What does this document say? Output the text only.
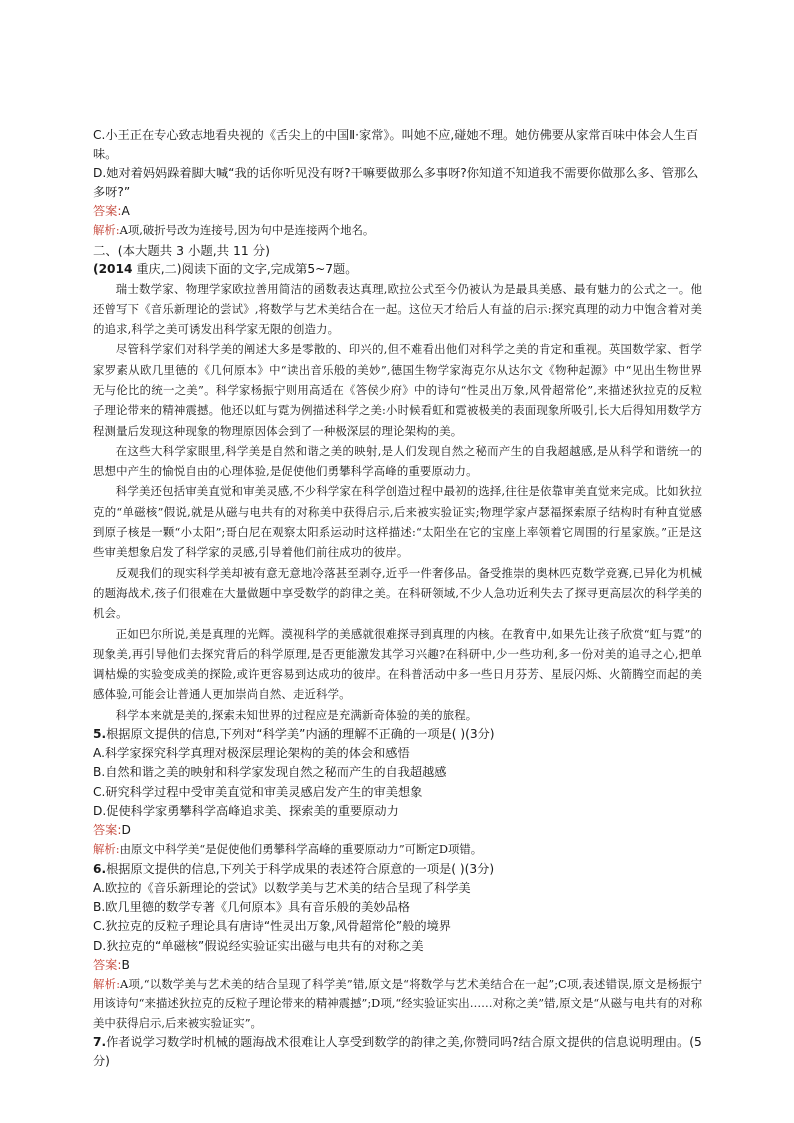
C.小王正在专心致志地看央视的《舌尖上的中国Ⅱ·家常》。叫她不应,碰她不理。她仿佛要从家常百味中体会人生百味。

D.她对着妈妈跺着脚大喊“我的话你听见没有呀?干嘛要做那么多事呀?你知道不知道我不需要你做那么多、管那么多呀?”

答案:A

解析:A项,破折号改为连接号,因为句中是连接两个地名。

二、(本大题共 3 小题,共 11 分)

(2014 重庆,二)阅读下面的文字,完成第5~7题。

瑞士数学家、物理学家欧拉善用简洁的函数表达真理,欧拉公式至今仍被认为是最具美感、最有魅力的公式之一。他还曾写下《音乐新理论的尝试》,将数学与艺术美结合在一起。这位天才给后人有益的启示:探究真理的动力中饱含着对美的追求,科学之美可诱发出科学家无限的创造力。

尽管科学家们对科学美的阐述大多是零散的、印兴的,但不难看出他们对科学之美的肯定和重视。英国数学家、哲学家罗素从欧几里德的《几何原本》中“读出音乐般的美妙”,德国生物学家海克尔从达尔文《物种起源》中“见出生物世界无与伦比的统一之美”。科学家杨振宁则用高适在《答侯少府》中的诗句“性灵出万象,风骨超常伦”,来描述狄拉克的反粒子理论带来的精神震撼。他还以虹与霓为例描述科学之美:小时候看虹和霓被极美的表面现象所吸引,长大后得知用数学方程测量后发现这种现象的物理原因体会到了一种极深层的理论架构的美。

在这些大科学家眼里,科学美是自然和谐之美的映射,是人们发现自然之秘而产生的自我超越感,是从科学和谐统一的思想中产生的愉悦自由的心理体验,是促使他们勇攀科学高峰的重要原动力。

科学美还包括审美直觉和审美灵感,不少科学家在科学创造过程中最初的选择,往往是依靠审美直觉来完成。比如狄拉克的“单磁核”假说,就是从磁与电共有的对称美中获得启示,后来被实验证实;物理学家卢瑟福探索原子结构时有种直觉感到原子核是一颗“小太阳”;哥白尼在观察太阳系运动时这样描述:“太阳坐在它的宝座上率领着它周围的行星家族。”正是这些审美想象启发了科学家的灵感,引导着他们前往成功的彼岸。

反观我们的现实科学美却被有意无意地冷落甚至剥夺,近乎一件奢侈品。备受推崇的奥林匹克数学竞赛,已异化为机械的题海战术,孩子们很难在大量做题中享受数学的韵律之美。在科研领域,不少人急功近利失去了探寻更高层次的科学美的机会。

正如巴尔所说,美是真理的光辉。漠视科学的美感就很难探寻到真理的内核。在教育中,如果先让孩子欣赏“虹与霓”的现象美,再引导他们去探究背后的科学原理,是否更能激发其学习兴趣?在科研中,少一些功利,多一份对美的追寻之心,把单调枯燥的实验变成美的探险,或许更容易到达成功的彼岸。在科普活动中多一些日月芬芳、星辰闪烁、火箭腾空而起的美感体验,可能会让普通人更加崇尚自然、走近科学。

科学本来就是美的,探索未知世界的过程应是充满新奇体验的美的旅程。

5.根据原文提供的信息,下列对“科学美”内涵的理解不正确的一项是( )(3分)

A.科学家探究科学真理对极深层理论架构的美的体会和感悟

B.自然和谐之美的映射和科学家发现自然之秘而产生的自我超越感

C.研究科学过程中受审美直觉和审美灵感启发产生的审美想象

D.促使科学家勇攀科学高峰追求美、探索美的重要原动力

答案:D

解析:由原文中科学美“是促使他们勇攀科学高峰的重要原动力”可断定D项错。

6.根据原文提供的信息,下列关于科学成果的表述符合原意的一项是( )(3分)

A.欧拉的《音乐新理论的尝试》以数学美与艺术美的结合呈现了科学美

B.欧几里德的数学专著《几何原本》具有音乐般的美妙品格

C.狄拉克的反粒子理论具有唐诗“性灵出万象,风骨超常伦”般的境界

D.狄拉克的“单磁核”假说经实验证实出磁与电共有的对称之美

答案:B

解析:A项,“以数学美与艺术美的结合呈现了科学美”错,原文是“将数学与艺术美结合在一起”;C项,表述错误,原文是杨振宁用该诗句“来描述狄拉克的反粒子理论带来的精神震撼”;D项,“经实验证实出……对称之美”错,原文是“从磁与电共有的对称美中获得启示,后来被实验证实”。

7.作者说学习数学时机械的题海战术很难让人享受到数学的韵律之美,你赞同吗?结合原文提供的信息说明理由。(5分)
